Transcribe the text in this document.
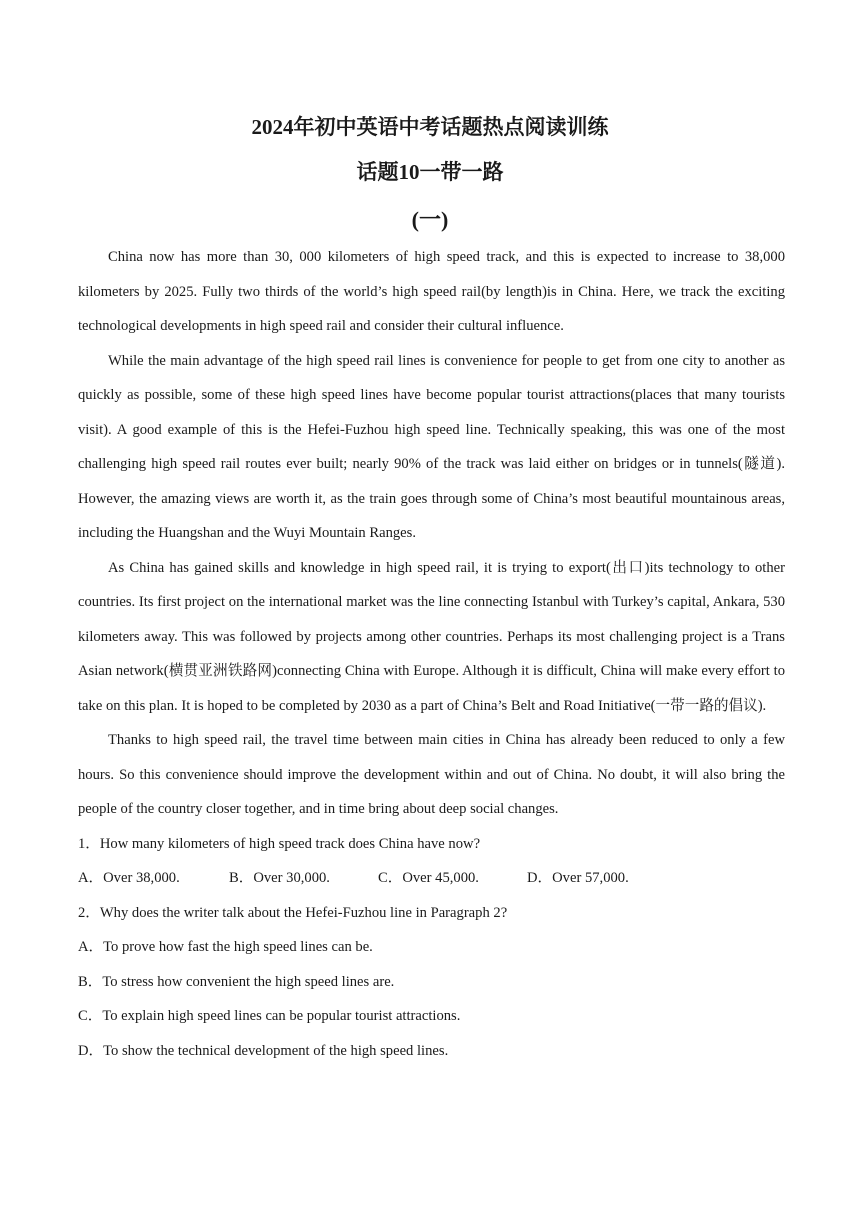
2024年初中英语中考话题热点阅读训练
话题10一带一路
(一)

China now has more than 30, 000 kilometers of high speed track, and this is expected to increase to 38,000 kilometers by 2025. Fully two thirds of the world’s high speed rail(by length)is in China. Here, we track the exciting technological developments in high speed rail and consider their cultural influence.

While the main advantage of the high speed rail lines is convenience for people to get from one city to another as quickly as possible, some of these high speed lines have become popular tourist attractions(places that many tourists visit). A good example of this is the Hefei-Fuzhou high speed line. Technically speaking, this was one of the most challenging high speed rail routes ever built; nearly 90% of the track was laid either on bridges or in tunnels(隧道). However, the amazing views are worth it, as the train goes through some of China’s most beautiful mountainous areas, including the Huangshan and the Wuyi Mountain Ranges.

As China has gained skills and knowledge in high speed rail, it is trying to export(出口)its technology to other countries. Its first project on the international market was the line connecting Istanbul with Turkey’s capital, Ankara, 530 kilometers away. This was followed by projects among other countries. Perhaps its most challenging project is a Trans Asian network(横贯亚洲铁路网)connecting China with Europe. Although it is difficult, China will make every effort to take on this plan. It is hoped to be completed by 2030 as a part of China’s Belt and Road Initiative(一带一路的倡议).

Thanks to high speed rail, the travel time between main cities in China has already been reduced to only a few hours. So this convenience should improve the development within and out of China. No doubt, it will also bring the people of the country closer together, and in time bring about deep social changes.

1．How many kilometers of high speed track does China have now?

A．Over 38,000.	B．Over 30,000.	C．Over 45,000.	D．Over 57,000.

2．Why does the writer talk about the Hefei-Fuzhou line in Paragraph 2?

A．To prove how fast the high speed lines can be.

B．To stress how convenient the high speed lines are.

C．To explain high speed lines can be popular tourist attractions.

D．To show the technical development of the high speed lines.
